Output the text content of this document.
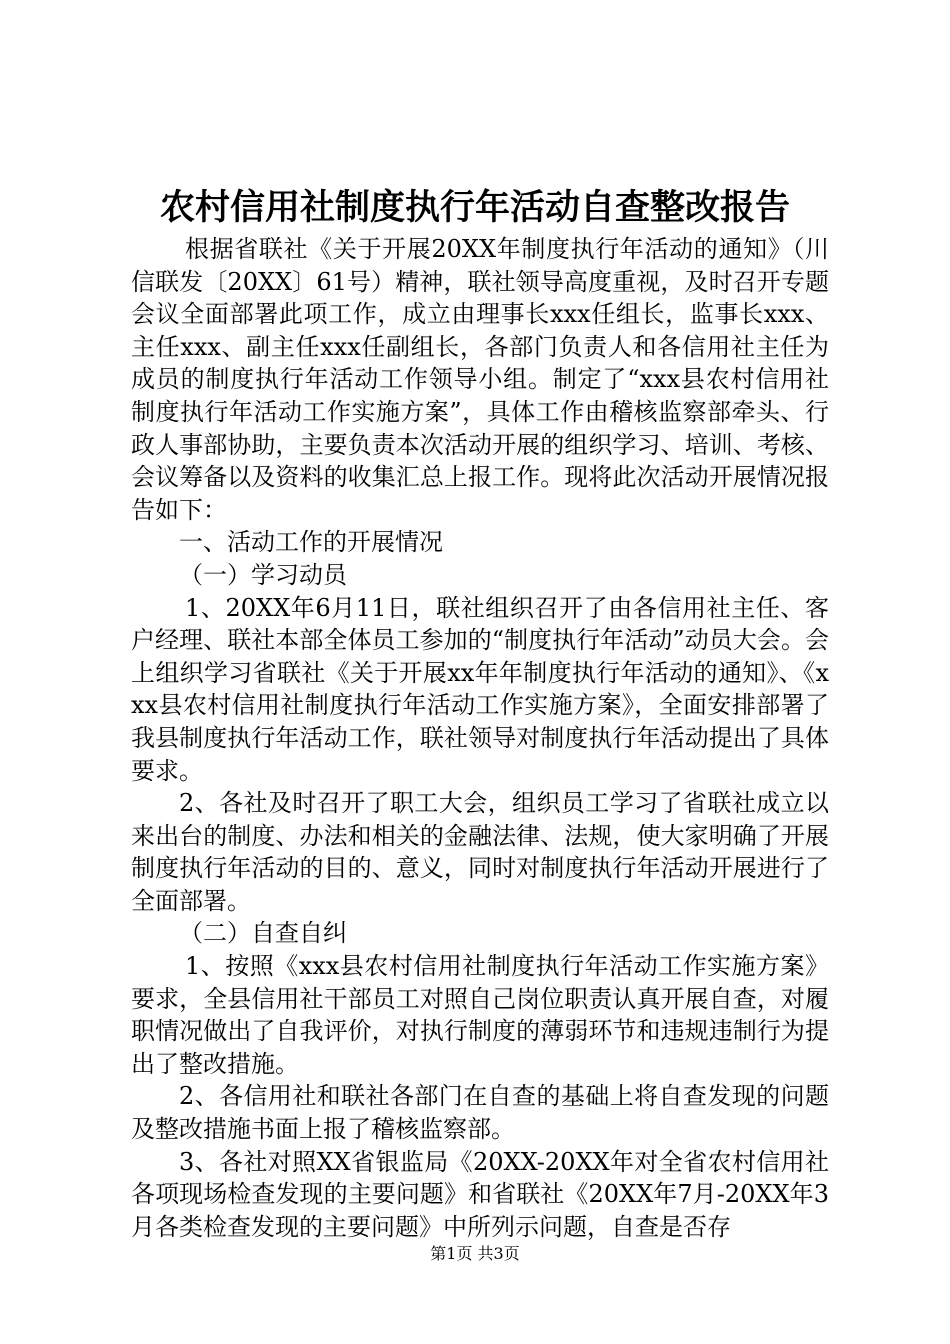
农村信用社制度执行年活动自查整改报告

根据省联社《关于开展20XX年制度执行年活动的通知》（川信联发〔20XX〕61号）精神，联社领导高度重视，及时召开专题会议全面部署此项工作，成立由理事长xxx任组长，监事长xxx、主任xxx、副主任xxx任副组长，各部门负责人和各信用社主任为成员的制度执行年活动工作领导小组。制定了“xxx县农村信用社制度执行年活动工作实施方案”，具体工作由稽核监察部牵头、行政人事部协助，主要负责本次活动开展的组织学习、培训、考核、会议筹备以及资料的收集汇总上报工作。现将此次活动开展情况报告如下：

一、活动工作的开展情况

（一）学习动员

1、20XX年6月11日，联社组织召开了由各信用社主任、客户经理、联社本部全体员工参加的“制度执行年活动”动员大会。会上组织学习省联社《关于开展xx年年制度执行年活动的通知》、《xxx县农村信用社制度执行年活动工作实施方案》，全面安排部署了我县制度执行年活动工作，联社领导对制度执行年活动提出了具体要求。

2、各社及时召开了职工大会，组织员工学习了省联社成立以来出台的制度、办法和相关的金融法律、法规，使大家明确了开展制度执行年活动的目的、意义，同时对制度执行年活动开展进行了全面部署。

（二）自查自纠

1、按照《xxx县农村信用社制度执行年活动工作实施方案》要求，全县信用社干部员工对照自己岗位职责认真开展自查，对履职情况做出了自我评价，对执行制度的薄弱环节和违规违制行为提出了整改措施。

2、各信用社和联社各部门在自查的基础上将自查发现的问题及整改措施书面上报了稽核监察部。

3、各社对照XX省银监局《20XX-20XX年对全省农村信用社各项现场检查发现的主要问题》和省联社《20XX年7月-20XX年3月各类检查发现的主要问题》中所列示问题，自查是否存

第1页 共3页
